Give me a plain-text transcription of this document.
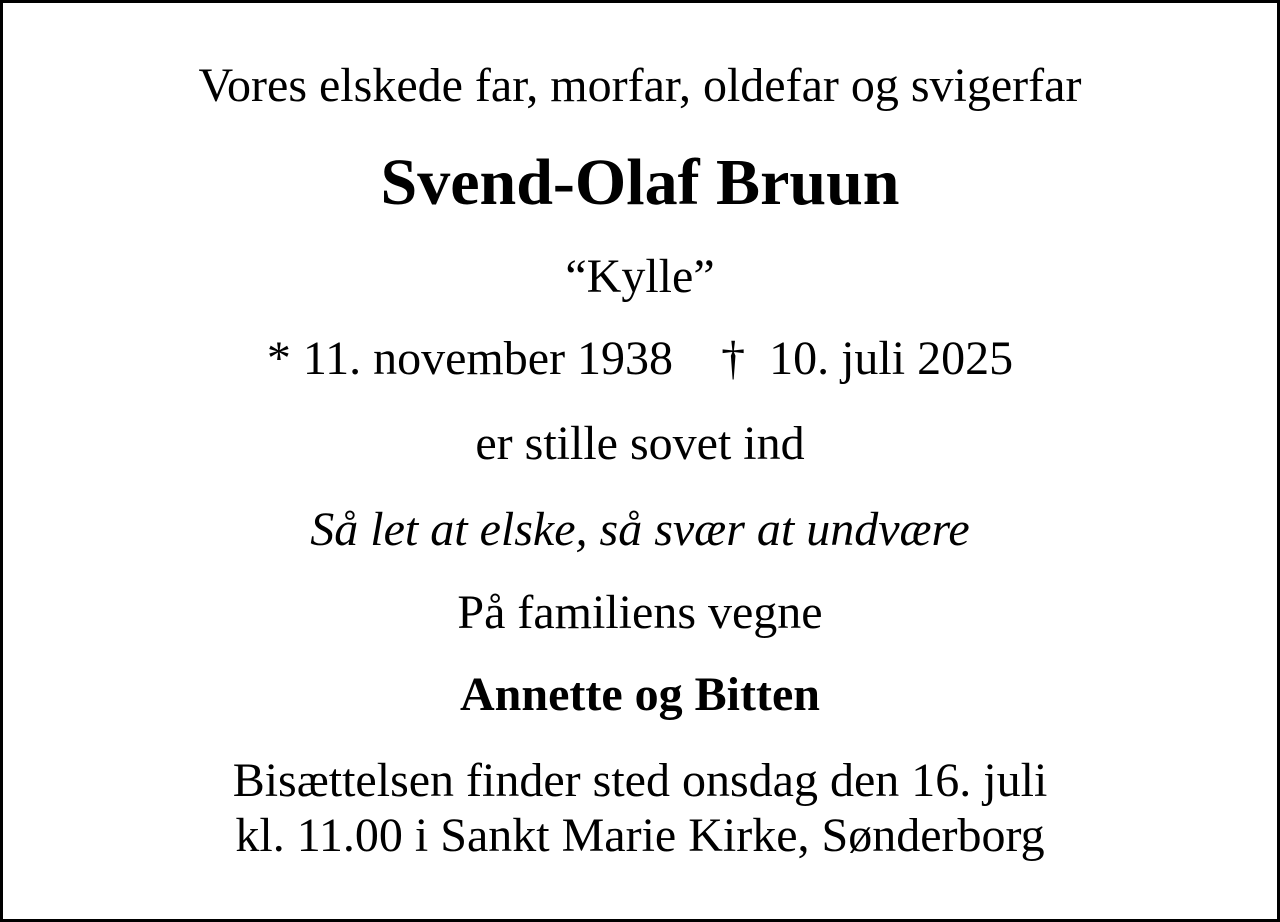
Vores elskede far, morfar, oldefar og svigerfar
Svend-Olaf Bruun
“Kylle”
* 11. november 1938 † 10. juli 2025
er stille sovet ind
Så let at elske, så svær at undvære
På familiens vegne
Annette og Bitten
Bisættelsen finder sted onsdag den 16. juli
kl. 11.00 i Sankt Marie Kirke, Sønderborg
